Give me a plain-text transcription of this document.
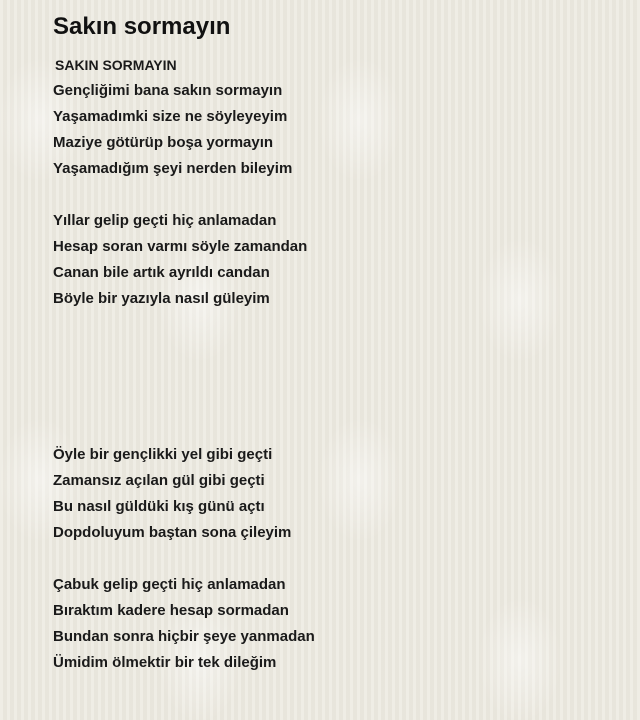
Sakın sormayın
SAKIN SORMAYIN
Gençliğimi bana sakın sormayın
Yaşamadımki size ne söyleyeyim
Maziye götürüp boşa yormayın
Yaşamadığım şeyi nerden bileyim
Yıllar gelip geçti hiç anlamadan
Hesap soran varmı söyle zamandan
Canan bile artık ayrıldı candan
Böyle bir yazıyla nasıl güleyim
Öyle bir gençlikki yel gibi geçti
Zamansız açılan gül gibi geçti
Bu nasıl güldüki kış günü açtı
Dopdoluyum baştan sona çileyim
Çabuk gelip geçti hiç anlamadan
Bıraktım kadere hesap sormadan
Bundan sonra hiçbir şeye yanmadan
Ümidim ölmektir bir tek dileğim
